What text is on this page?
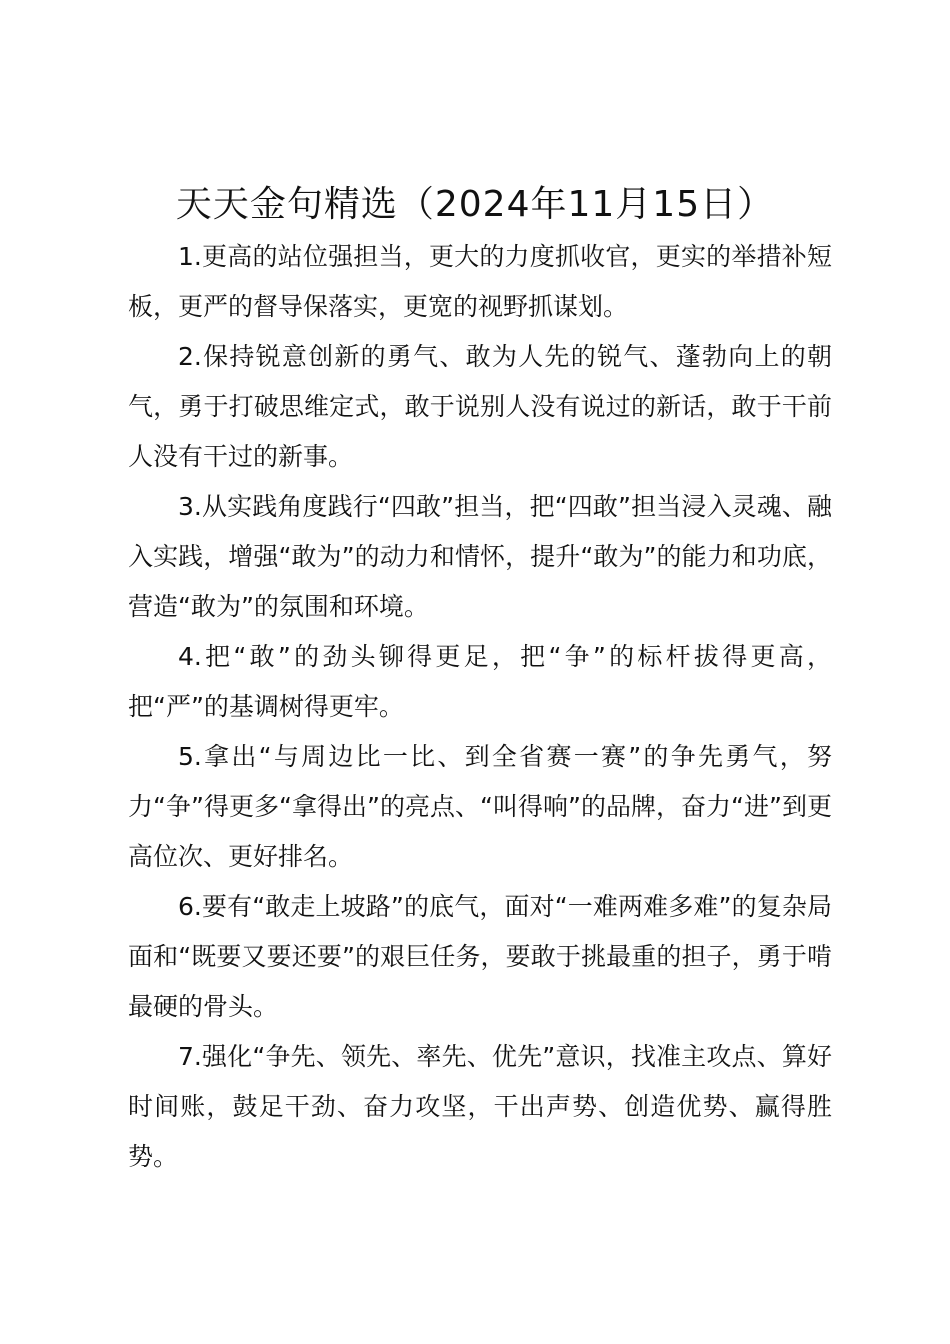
天天金句精选（2024年11月15日）

1.更高的站位强担当，更大的力度抓收官，更实的举措补短板，更严的督导保落实，更宽的视野抓谋划。

2.保持锐意创新的勇气、敢为人先的锐气、蓬勃向上的朝气，勇于打破思维定式，敢于说别人没有说过的新话，敢于干前人没有干过的新事。

3.从实践角度践行“四敢”担当，把“四敢”担当浸入灵魂、融入实践，增强“敢为”的动力和情怀，提升“敢为”的能力和功底，营造“敢为”的氛围和环境。

4.把“敢”的劲头铆得更足，把“争”的标杆拔得更高，把“严”的基调树得更牢。

5.拿出“与周边比一比、到全省赛一赛”的争先勇气，努力“争”得更多“拿得出”的亮点、“叫得响”的品牌，奋力“进”到更高位次、更好排名。

6.要有“敢走上坡路”的底气，面对“一难两难多难”的复杂局面和“既要又要还要”的艰巨任务，要敢于挑最重的担子，勇于啃最硬的骨头。

7.强化“争先、领先、率先、优先”意识，找准主攻点、算好时间账，鼓足干劲、奋力攻坚，干出声势、创造优势、赢得胜势。
